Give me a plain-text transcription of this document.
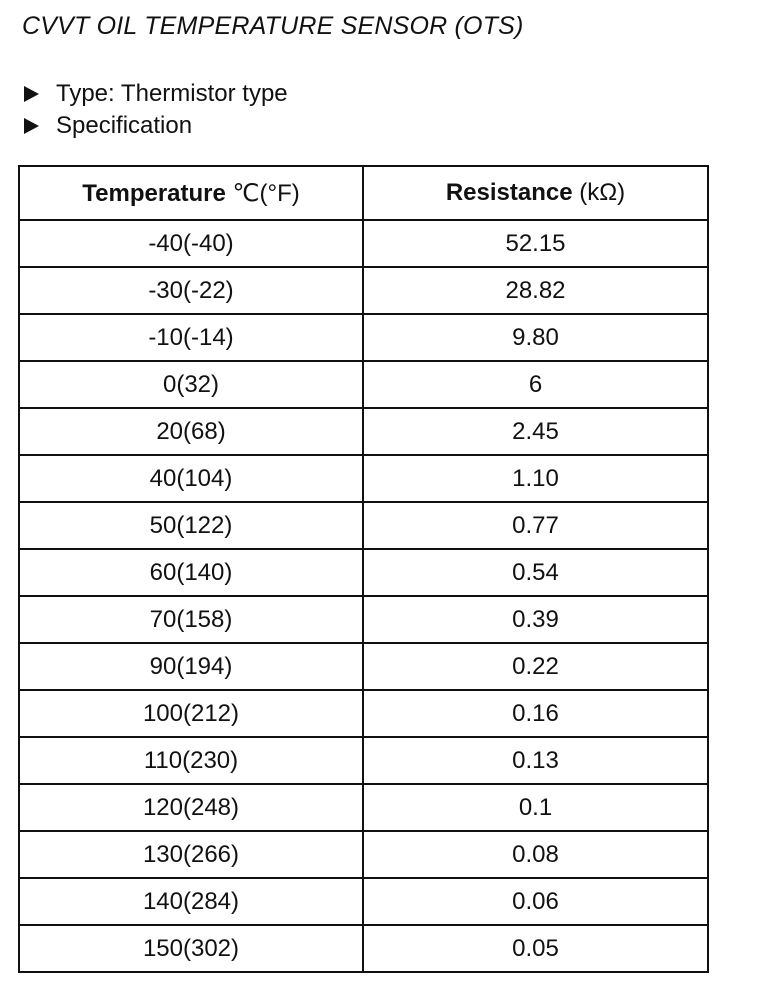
CVVT OIL TEMPERATURE SENSOR (OTS)
Type: Thermistor type
Specification
Temperature ℃(°F)	Resistance (kΩ)
-40(-40)	52.15
-30(-22)	28.82
-10(-14)	9.80
0(32)	6
20(68)	2.45
40(104)	1.10
50(122)	0.77
60(140)	0.54
70(158)	0.39
90(194)	0.22
100(212)	0.16
110(230)	0.13
120(248)	0.1
130(266)	0.08
140(284)	0.06
150(302)	0.05
